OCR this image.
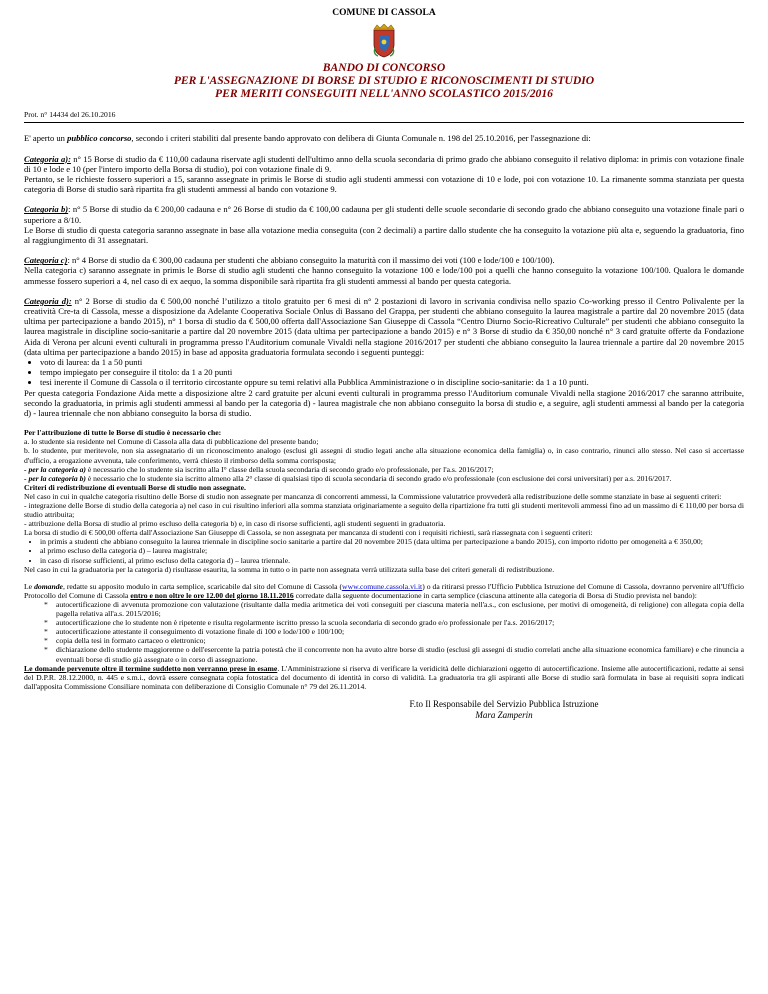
COMUNE DI CASSOLA
BANDO DI CONCORSO
PER L'ASSEGNAZIONE DI BORSE DI STUDIO E RICONOSCIMENTI DI STUDIO
PER MERITI CONSEGUITI NELL'ANNO SCOLASTICO 2015/2016
Prot. n° 14434 del 26.10.2016

E' aperto un pubblico concorso, secondo i criteri stabiliti dal presente bando approvato con delibera di Giunta Comunale n. 198 del 25.10.2016, per l'assegnazione di:

Categoria a): n° 15 Borse di studio da € 110,00 cadauna riservate agli studenti dell'ultimo anno della scuola secondaria di primo grado che abbiano conseguito il relativo diploma: in primis con votazione finale di 10 e lode e 10 (per l'intero importo della Borsa di studio), poi con votazione finale di 9.

Pertanto, se le richieste fossero superiori a 15, saranno assegnate in primis le Borse di studio agli studenti ammessi con votazione di 10 e lode, poi con votazione 10. La rimanente somma stanziata per questa categoria di Borse di studio sarà ripartita fra gli studenti ammessi al bando con votazione 9.

Categoria b): n° 5 Borse di studio da € 200,00 cadauna e n° 26 Borse di studio da € 100,00 cadauna per gli studenti delle scuole secondarie di secondo grado che abbiano conseguito una votazione finale pari o superiore a 8/10.

Le Borse di studio di questa categoria saranno assegnate in base alla votazione media conseguita (con 2 decimali) a partire dallo studente che ha conseguito la votazione più alta e, seguendo la graduatoria, fino al raggiungimento di 31 assegnatari.

Categoria c): n° 4 Borse di studio da € 300,00 cadauna per studenti che abbiano conseguito la maturità con il massimo dei voti (100 e lode/100 e 100/100).

Nella categoria c) saranno assegnate in primis le Borse di studio agli studenti che hanno conseguito la votazione 100 e lode/100 poi a quelli che hanno conseguito la votazione 100/100. Qualora le domande ammesse fossero superiori a 4, nel caso di ex aequo, la somma disponibile sarà ripartita fra gli studenti ammessi al bando per questa categoria.

Categoria d): n° 2 Borse di studio da € 500,00 nonché l’utilizzo a titolo gratuito per 6 mesi di n° 2 postazioni di lavoro in scrivania condivisa nello spazio Co-working presso il Centro Polivalente per la creatività Cre-ta di Cassola, messe a disposizione da Adelante Cooperativa Sociale Onlus di Bassano del Grappa, per studenti che abbiano conseguito la laurea magistrale a partire dal 20 novembre 2015 (data ultima per partecipazione a bando 2015), n° 1 borsa di studio da € 500,00 offerta dall'Associazione San Giuseppe di Cassola “Centro Diurno Socio-Ricreativo Culturale” per studenti che abbiano conseguito la laurea magistrale in discipline socio-sanitarie a partire dal 20 novembre 2015 (data ultima per partecipazione a bando 2015) e n° 3 Borse di studio da € 350,00 nonché n° 3 card gratuite offerte da Fondazione Aida di Verona per alcuni eventi culturali in programma presso l'Auditorium comunale Vivaldi nella stagione 2016/2017 per studenti che abbiano conseguito la laurea triennale a partire dal 20 novembre 2015 (data ultima per partecipazione a bando 2015) in base ad apposita graduatoria formulata secondo i seguenti punteggi:

• voto di laurea: da 1 a 50 punti
• tempo impiegato per conseguire il titolo: da 1 a 20 punti
• tesi inerente il Comune di Cassola o il territorio circostante oppure su temi relativi alla Pubblica Amministrazione o in discipline socio-sanitarie: da 1 a 10 punti.

Per questa categoria Fondazione Aida mette a disposizione altre 2 card gratuite per alcuni eventi culturali in programma presso l'Auditorium comunale Vivaldi nella stagione 2016/2017 che saranno attribuite, secondo la graduatoria, in primis agli studenti ammessi al bando per la categoria d) - laurea magistrale che non abbiano conseguito la borsa di studio e, a seguire, agli studenti ammessi al bando per la categoria d) - laurea triennale che non abbiano conseguito la borsa di studio.

Per l'attribuzione di tutte le Borse di studio è necessario che:

a. lo studente sia residente nel Comune di Cassola alla data di pubblicazione del presente bando;

b. lo studente, pur meritevole, non sia assegnatario di un riconoscimento analogo (esclusi gli assegni di studio legati anche alla situazione economica della famiglia) o, in caso contrario, rinunci allo stesso. Nel caso si accertasse d'ufficio, a erogazione avvenuta, tale conferimento, verrà chiesto il rimborso della somma corrisposta;

- per la categoria a) è necessario che lo studente sia iscritto alla I° classe della scuola secondaria di secondo grado e/o professionale, per l'a.s. 2016/2017;

- per la categoria b) è necessario che lo studente sia iscritto almeno alla 2° classe di qualsiasi tipo di scuola secondaria di secondo grado e/o professionale (con esclusione dei corsi universitari) per a.s. 2016/2017.

Criteri di redistribuzione di eventuali Borse di studio non assegnate.

Nel caso in cui in qualche categoria risultino delle Borse di studio non assegnate per mancanza di concorrenti ammessi, la Commissione valutatrice provvederà alla redistribuzione delle somme stanziate in base ai seguenti criteri:

- integrazione delle Borse di studio della categoria a) nel caso in cui risultino inferiori alla somma stanziata originariamente a seguito della ripartizione fra tutti gli studenti meritevoli ammessi fino ad un massimo di € 110,00 per borsa di studio attribuita;

- attribuzione della Borsa di studio al primo escluso della categoria b) e, in caso di risorse sufficienti, agli studenti seguenti in graduatoria.

La borsa di studio di € 500,00 offerta dall'Associazione San Giuseppe di Cassola, se non assegnata per mancanza di studenti con i requisiti richiesti, sarà riassegnata con i seguenti criteri:

• in primis a studenti che abbiano conseguito la laurea triennale in discipline socio sanitarie a partire dal 20 novembre 2015 (data ultima per partecipazione a bando 2015), con importo ridotto per omogeneità a € 350,00;
• al primo escluso della categoria d) – laurea magistrale;
• in caso di risorse sufficienti, al primo escluso della categoria d) – laurea triennale.

Nel caso in cui la graduatoria per la categoria d) risultasse esaurita, la somma in tutto o in parte non assegnata verrà utilizzata sulla base dei criteri generali di redistribuzione.

Le domande, redatte su apposito modulo in carta semplice, scaricabile dal sito del Comune di Cassola (www.comune.cassola.vi.it) o da ritirarsi presso l'Ufficio Pubblica Istruzione del Comune di Cassola, dovranno pervenire all'Ufficio Protocollo del Comune di Cassola entro e non oltre le ore 12.00 del giorno 18.11.2016 corredate dalla seguente documentazione in carta semplice (ciascuna attinente alla categoria di Borsa di Studio prevista nel bando):

* autocertificazione di avvenuta promozione con valutazione (risultante dalla media aritmetica dei voti conseguiti per ciascuna materia nell'a.s., con esclusione, per motivi di omogeneità, di religione) con allegata copia della pagella relativa all'a.s. 2015/2016;
* autocertificazione che lo studente non è ripetente e risulta regolarmente iscritto presso la scuola secondaria di secondo grado e/o professionale per l'a.s. 2016/2017;
* autocertificazione attestante il conseguimento di votazione finale di 100 e lode/100 e 100/100;
* copia della tesi in formato cartaceo o elettronico;
* dichiarazione dello studente maggiorenne o dell'esercente la patria potestà che il concorrente non ha avuto altre borse di studio (esclusi gli assegni di studio correlati anche alla situazione economica familiare) e che rinuncia a eventuali borse di studio già assegnate o in corso di assegnazione.

Le domande pervenute oltre il termine suddetto non verranno prese in esame. L'Amministrazione si riserva di verificare la veridicità delle dichiarazioni oggetto di autocertificazione. Insieme alle autocertificazioni, redatte ai sensi del D.P.R. 28.12.2000, n. 445 e s.m.i., dovrà essere consegnata copia fotostatica del documento di identità in corso di validità. La graduatoria tra gli aspiranti alle Borse di studio sarà formulata in base ai requisiti sopra indicati dall'apposita Commissione Consiliare nominata con deliberazione di Consiglio Comunale n° 79 del 26.11.2014.

F.to Il Responsabile del Servizio Pubblica Istruzione
Mara Zamperin
